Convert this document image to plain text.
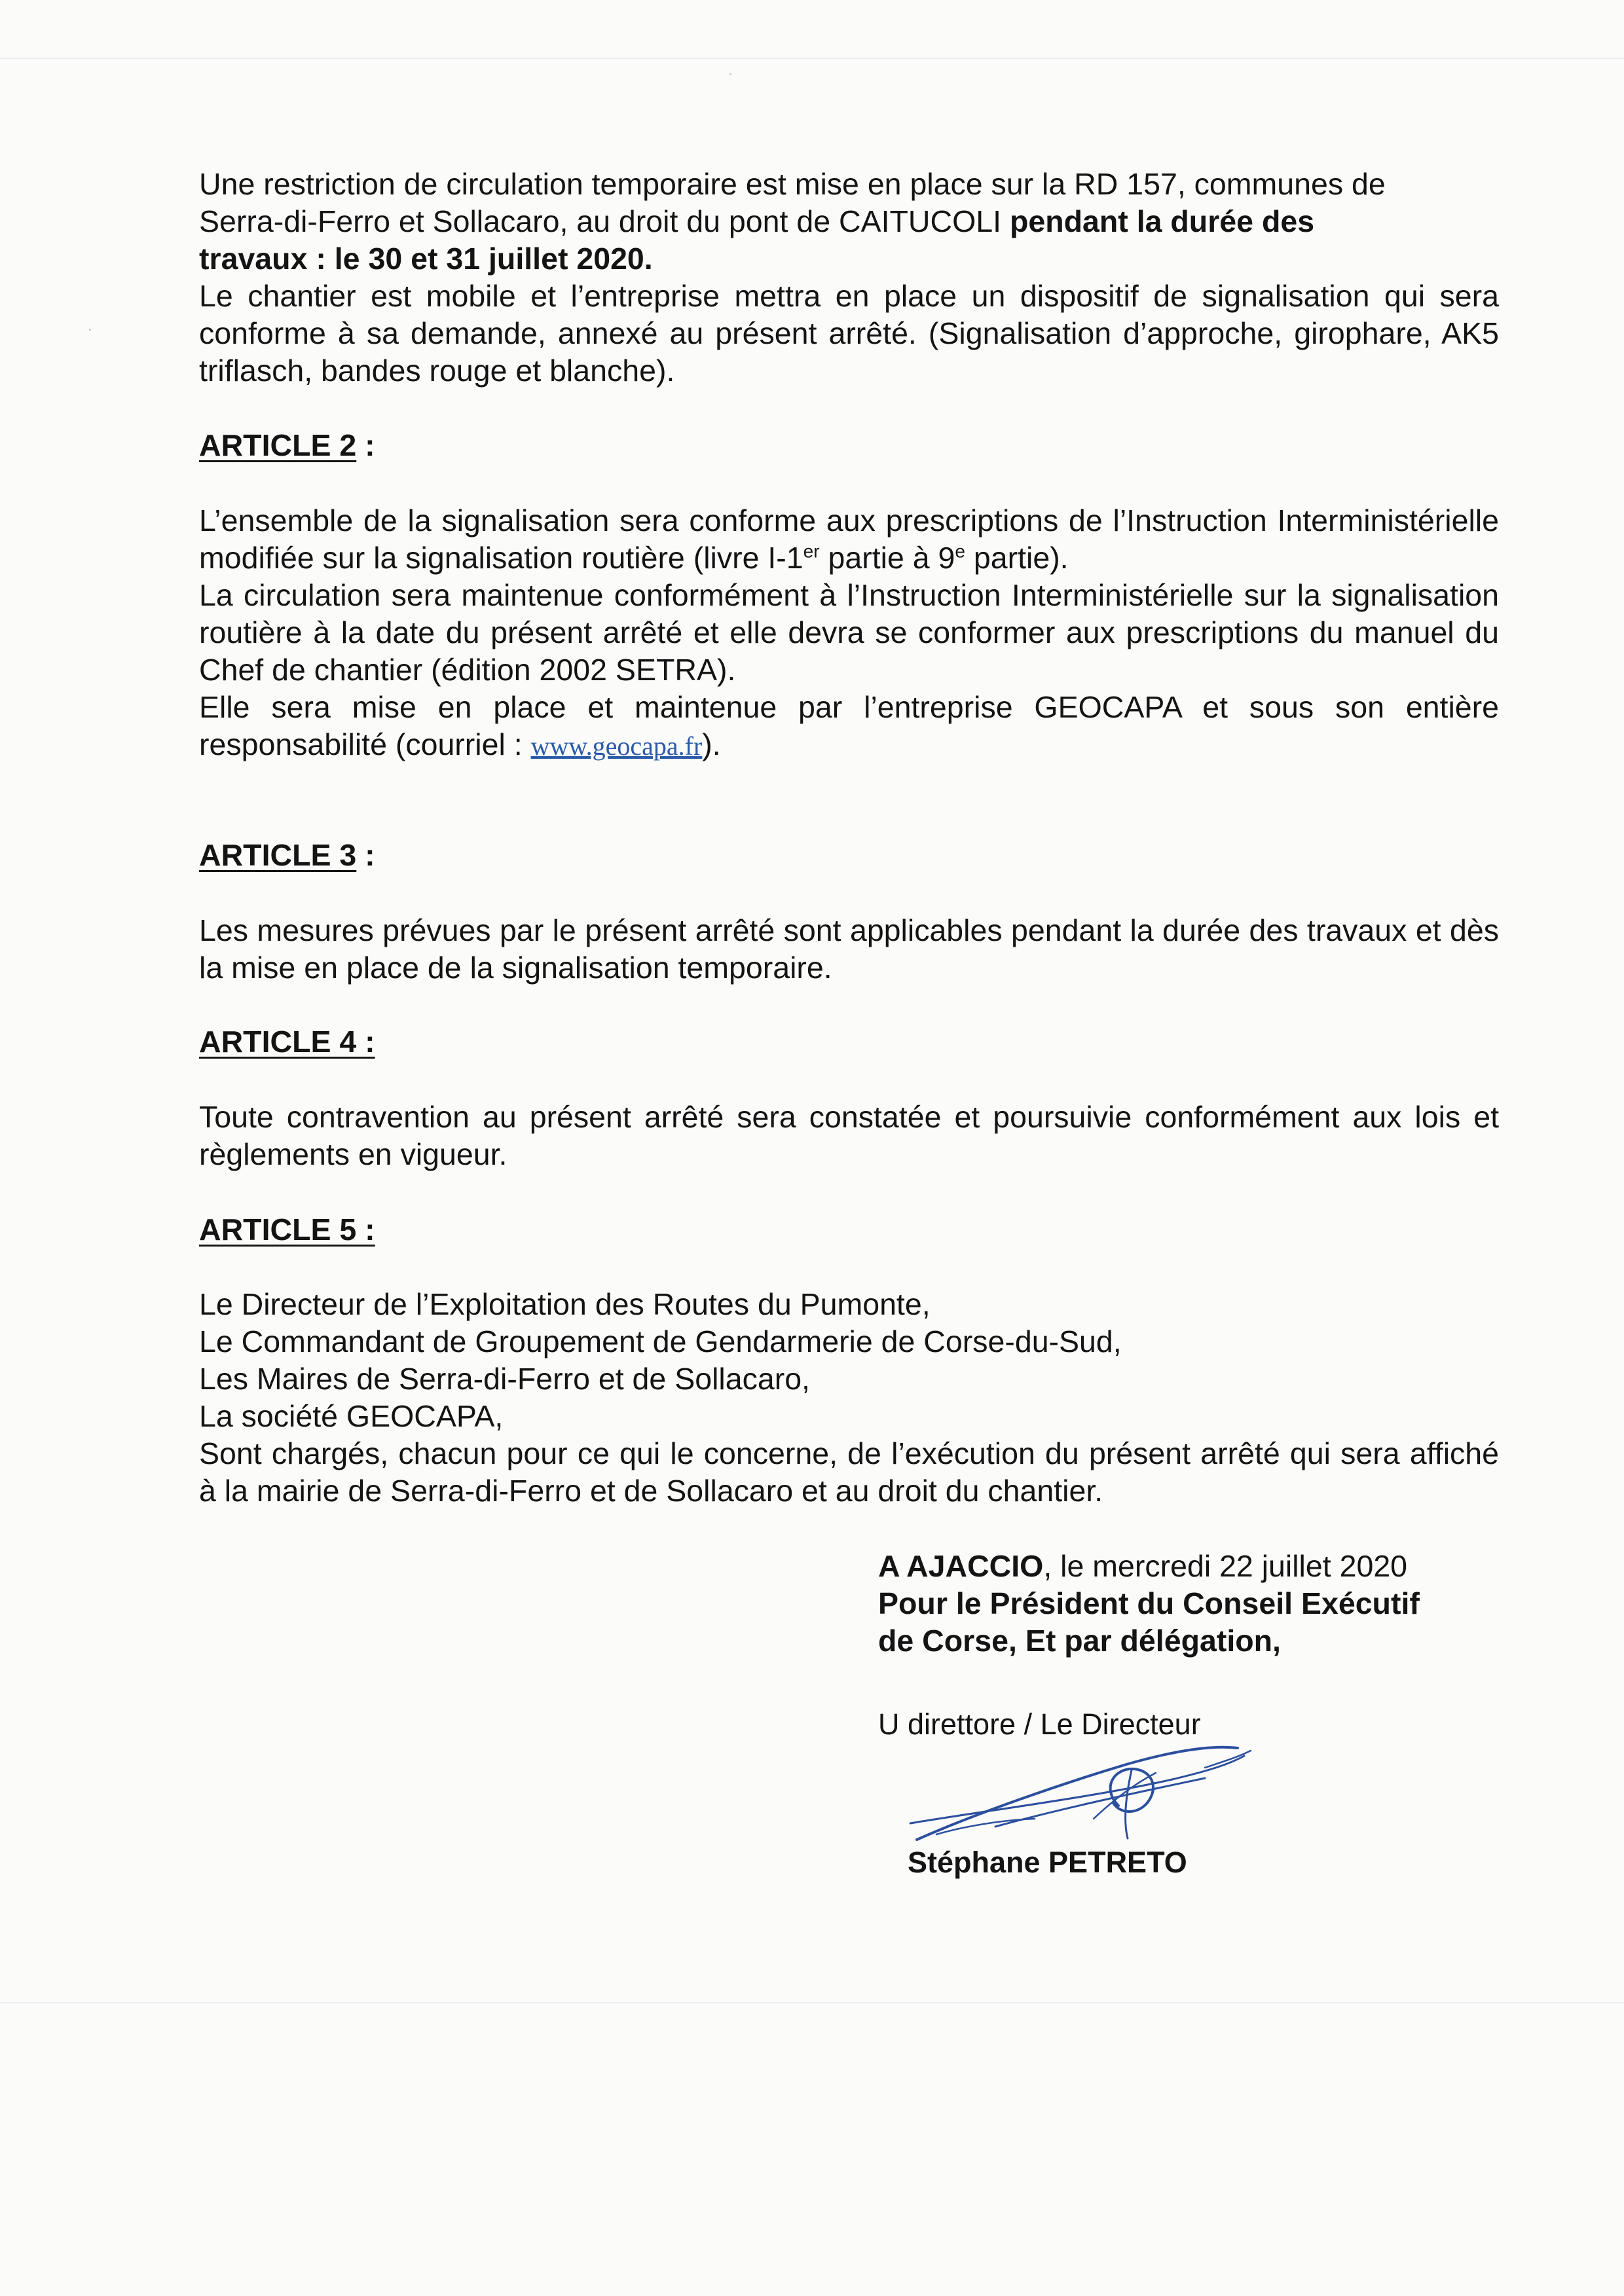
Une restriction de circulation temporaire est mise en place sur la RD 157, communes de

Serra-di-Ferro et Sollacaro, au droit du pont de CAITUCOLI pendant la durée des

travaux : le 30 et 31 juillet 2020.

Le chantier est mobile et l’entreprise mettra en place un dispositif de signalisation qui sera conforme à sa demande, annexé au présent arrêté. (Signalisation d’approche, girophare, AK5 triflasch, bandes rouge et blanche).

ARTICLE 2 :

L’ensemble de la signalisation sera conforme aux prescriptions de l’Instruction Interministérielle modifiée sur la signalisation routière (livre I-1er partie à 9e partie).

La circulation sera maintenue conformément à l’Instruction Interministérielle sur la signalisation routière à la date du présent arrêté et elle devra se conformer aux prescriptions du manuel du Chef de chantier (édition 2002 SETRA).

Elle sera mise en place et maintenue par l’entreprise GEOCAPA et sous son entière responsabilité (courriel : www.geocapa.fr).

ARTICLE 3 :

Les mesures prévues par le présent arrêté sont applicables pendant la durée des travaux et dès la mise en place de la signalisation temporaire.

ARTICLE 4 :

Toute contravention au présent arrêté sera constatée et poursuivie conformément aux lois et règlements en vigueur.

ARTICLE 5 :

Le Directeur de l’Exploitation des Routes du Pumonte,

Le Commandant de Groupement de Gendarmerie de Corse-du-Sud,

Les Maires de Serra-di-Ferro et de Sollacaro,

La société GEOCAPA,

Sont chargés, chacun pour ce qui le concerne, de l’exécution du présent arrêté qui sera affiché à la mairie de Serra-di-Ferro et de Sollacaro et au droit du chantier.

A AJACCIO, le mercredi 22 juillet 2020

Pour le Président du Conseil Exécutif

de Corse, Et par délégation,

U direttore / Le Directeur
Stéphane PETRETO
